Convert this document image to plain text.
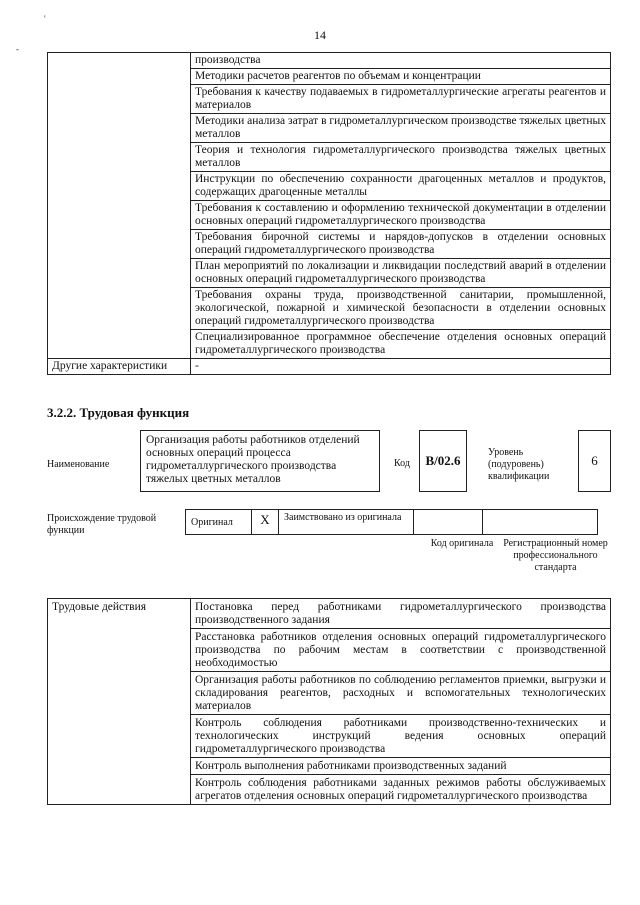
14
'
-
	производства
	Методики расчетов реагентов по объемам и концентрации
	Требования к качеству подаваемых в гидрометаллургические агрегаты реагентов и материалов
	Методики анализа затрат в гидрометаллургическом производстве тяжелых цветных металлов
	Теория и технология гидрометаллургического производства тяжелых цветных металлов
	Инструкции по обеспечению сохранности драгоценных металлов и продуктов, содержащих драгоценные металлы
	Требования к составлению и оформлению технической документации в отделении основных операций гидрометаллургического производства
	Требования бирочной системы и нарядов-допусков в отделении основных операций гидрометаллургического производства
	План мероприятий по локализации и ликвидации последствий аварий в отделении основных операций гидрометаллургического производства
	Требования охраны труда, производственной санитарии, промышленной, экологической, пожарной и химической безопасности в отделении основных операций гидрометаллургического производства
	Специализированное программное обеспечение отделения основных операций гидрометаллургического производства
Другие характеристики	-
3.2.2. Трудовая функция
Наименование
Организация работы работников отделений основных операций процесса гидрометаллургического производства тяжелых цветных металлов
Код	B/02.6
Уровень (подуровень) квалификации
6
Происхождение трудовой функции
Оригинал	X	Заимствовано из оригинала		
Код оригинала Регистрационный номер профессионального стандарта
Трудовые действия	Постановка перед работниками гидрометаллургического производства производственного задания
Расстановка работников отделения основных операций гидрометаллургического производства по рабочим местам в соответствии с производственной необходимостью
Организация работы работников по соблюдению регламентов приемки, выгрузки и складирования реагентов, расходных и вспомогательных технологических материалов
Контроль соблюдения работниками производственно-технических и технологических инструкций ведения основных операций гидрометаллургического производства
Контроль выполнения работниками производственных заданий
Контроль соблюдения работниками заданных режимов работы обслуживаемых агрегатов отделения основных операций гидрометаллургического производства
